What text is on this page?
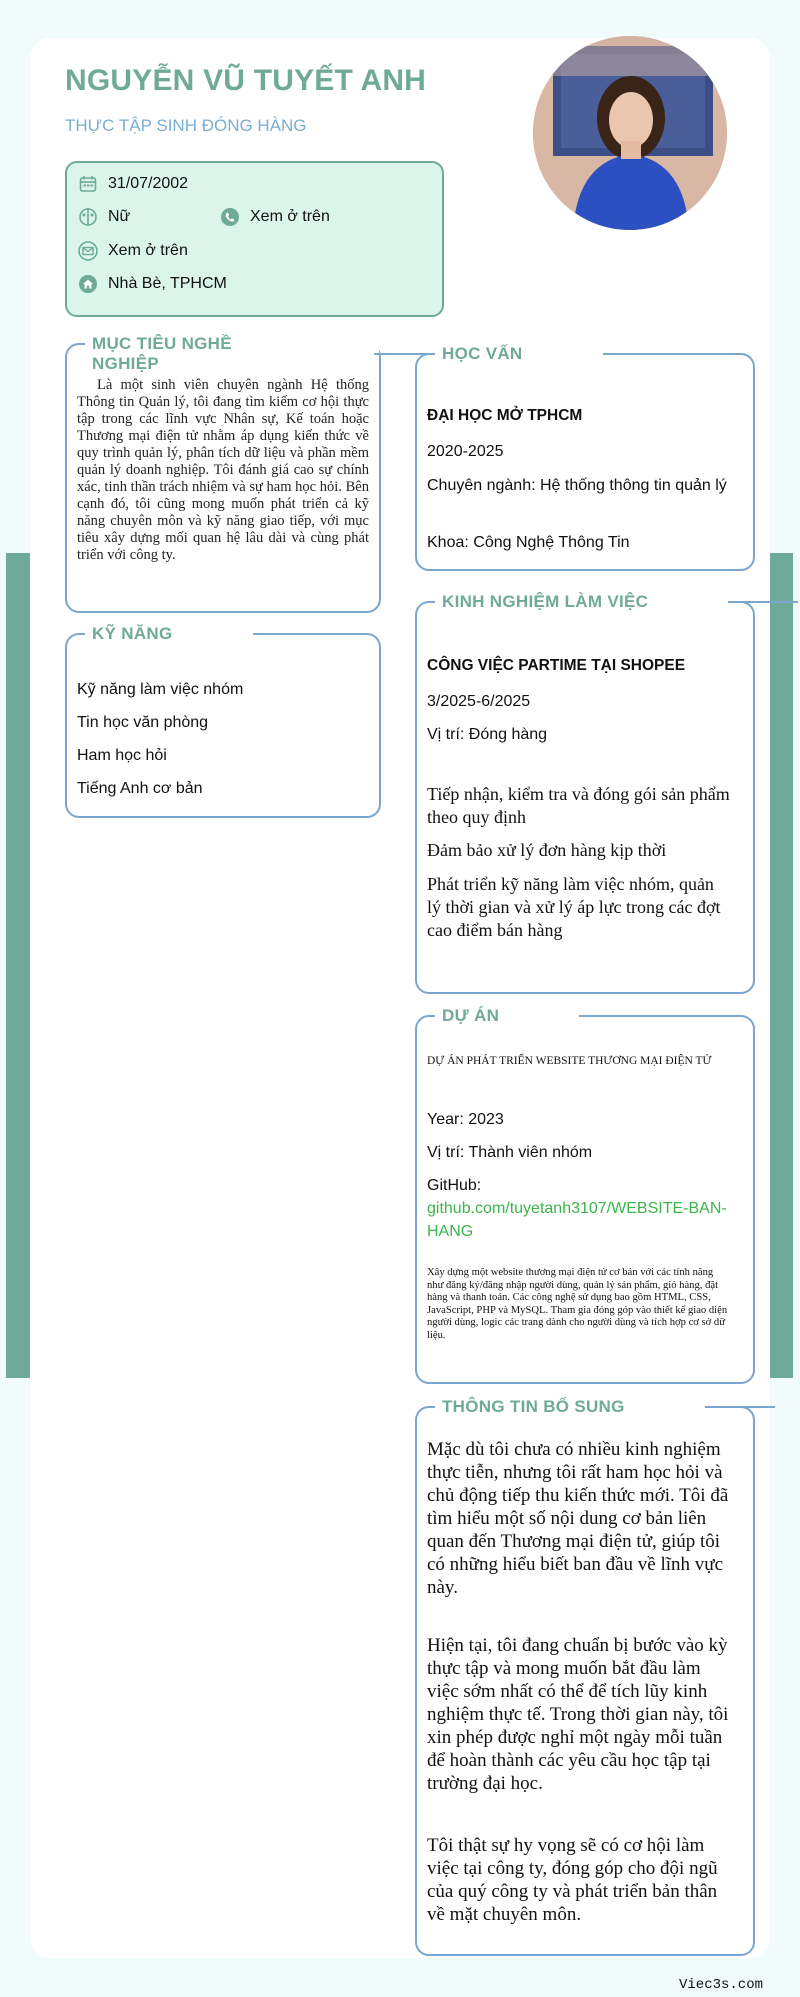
NGUYỄN VŨ TUYẾT ANH
THỰC TẬP SINH ĐÓNG HÀNG
31/07/2002
Nữ	Xem ở trên
Xem ở trên
Nhà Bè, TPHCM
MỤC TIÊU NGHỀ NGHIỆP
Là một sinh viên chuyên ngành Hệ thống Thông tin Quản lý, tôi đang tìm kiếm cơ hội thực tập trong các lĩnh vực Nhân sự, Kế toán hoặc Thương mại điện tử nhằm áp dụng kiến thức về quy trình quản lý, phân tích dữ liệu và phần mềm quản lý doanh nghiệp. Tôi đánh giá cao sự chính xác, tinh thần trách nhiệm và sự ham học hỏi. Bên cạnh đó, tôi cũng mong muốn phát triển cả kỹ năng chuyên môn và kỹ năng giao tiếp, với mục tiêu xây dựng mối quan hệ lâu dài và cùng phát triển với công ty.
KỸ NĂNG
Kỹ năng làm việc nhóm
Tin học văn phòng
Ham học hỏi
Tiếng Anh cơ bản
HỌC VẤN
ĐẠI HỌC MỞ TPHCM
2020-2025
Chuyên ngành: Hệ thống thông tin quản lý
Khoa: Công Nghệ Thông Tin
KINH NGHIỆM LÀM VIỆC
CÔNG VIỆC PARTIME TẠI SHOPEE
3/2025-6/2025
Vị trí: Đóng hàng
Tiếp nhận, kiểm tra và đóng gói sản phẩm theo quy định
Đảm bảo xử lý đơn hàng kịp thời
Phát triển kỹ năng làm việc nhóm, quản lý thời gian và xử lý áp lực trong các đợt cao điểm bán hàng
DỰ ÁN
DỰ ÁN PHÁT TRIỂN WEBSITE THƯƠNG MẠI ĐIỆN TỬ
Year: 2023
Vị trí: Thành viên nhóm
GitHub:
github.com/tuyetanh3107/WEBSITE-BAN-HANG
Xây dựng một website thương mại điện tử cơ bản với các tính năng như đăng ký/đăng nhập người dùng, quản lý sản phẩm, giỏ hàng, đặt hàng và thanh toán. Các công nghệ sử dụng bao gồm HTML, CSS, JavaScript, PHP và MySQL. Tham gia đóng góp vào thiết kế giao diện người dùng, logic các trang dành cho người dùng và tích hợp cơ sở dữ liệu.
THÔNG TIN BỔ SUNG
Mặc dù tôi chưa có nhiều kinh nghiệm thực tiễn, nhưng tôi rất ham học hỏi và chủ động tiếp thu kiến thức mới. Tôi đã tìm hiểu một số nội dung cơ bản liên quan đến Thương mại điện tử, giúp tôi có những hiểu biết ban đầu về lĩnh vực này.
Hiện tại, tôi đang chuẩn bị bước vào kỳ thực tập và mong muốn bắt đầu làm việc sớm nhất có thể để tích lũy kinh nghiệm thực tế. Trong thời gian này, tôi xin phép được nghỉ một ngày mỗi tuần để hoàn thành các yêu cầu học tập tại trường đại học.
Tôi thật sự hy vọng sẽ có cơ hội làm việc tại công ty, đóng góp cho đội ngũ của quý công ty và phát triển bản thân về mặt chuyên môn.
Viec3s.com
